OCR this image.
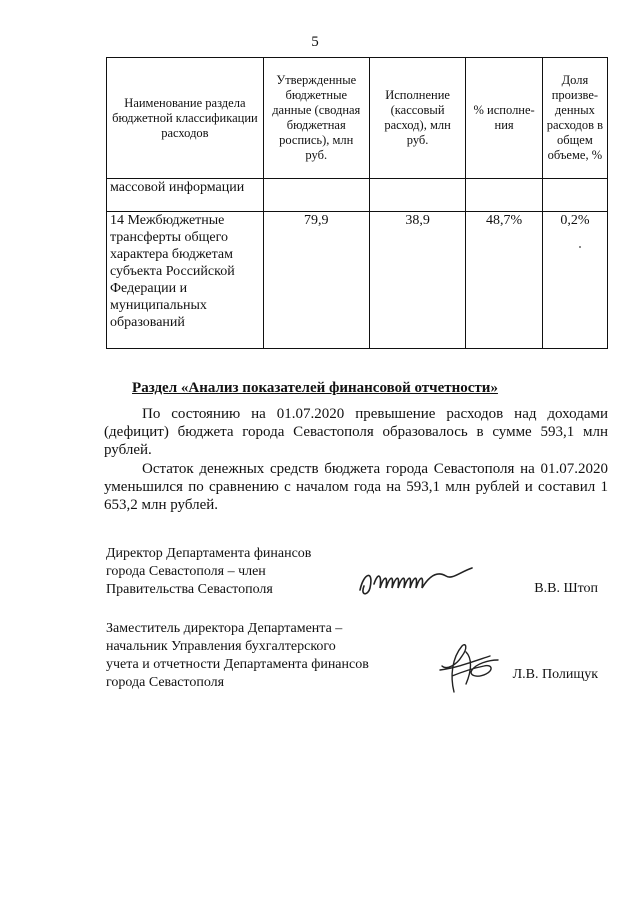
5
Наименование раздела бюджетной классификации расходов	Утвержденные бюджетные данные (сводная бюджетная роспись), млн руб.	Исполнение (кассовый расход), млн руб.	% исполне-ния	Доля произве-денных расходов в общем объеме, %
массовой информации				
14 Межбюджетные трансферты общего характера бюджетам субъекта Российской Федерации и муниципальных образований	79,9	38,9	48,7%	0,2%
Раздел «Анализ показателей финансовой отчетности»

По состоянию на 01.07.2020 превышение расходов над доходами (дефицит) бюджета города Севастополя образовалось в сумме 593,1 млн рублей.

Остаток денежных средств бюджета города Севастополя на 01.07.2020 уменьшился по сравнению с началом года на 593,1 млн рублей и составил 1 653,2 млн рублей.

Директор Департамента финансов
города Севастополя – член
Правительства Севастополя	В.В. Штоп
Заместитель директора Департамента –
начальник Управления бухгалтерского
учета и отчетности Департамента финансов
города Севастополя
Л.В. Полищук
